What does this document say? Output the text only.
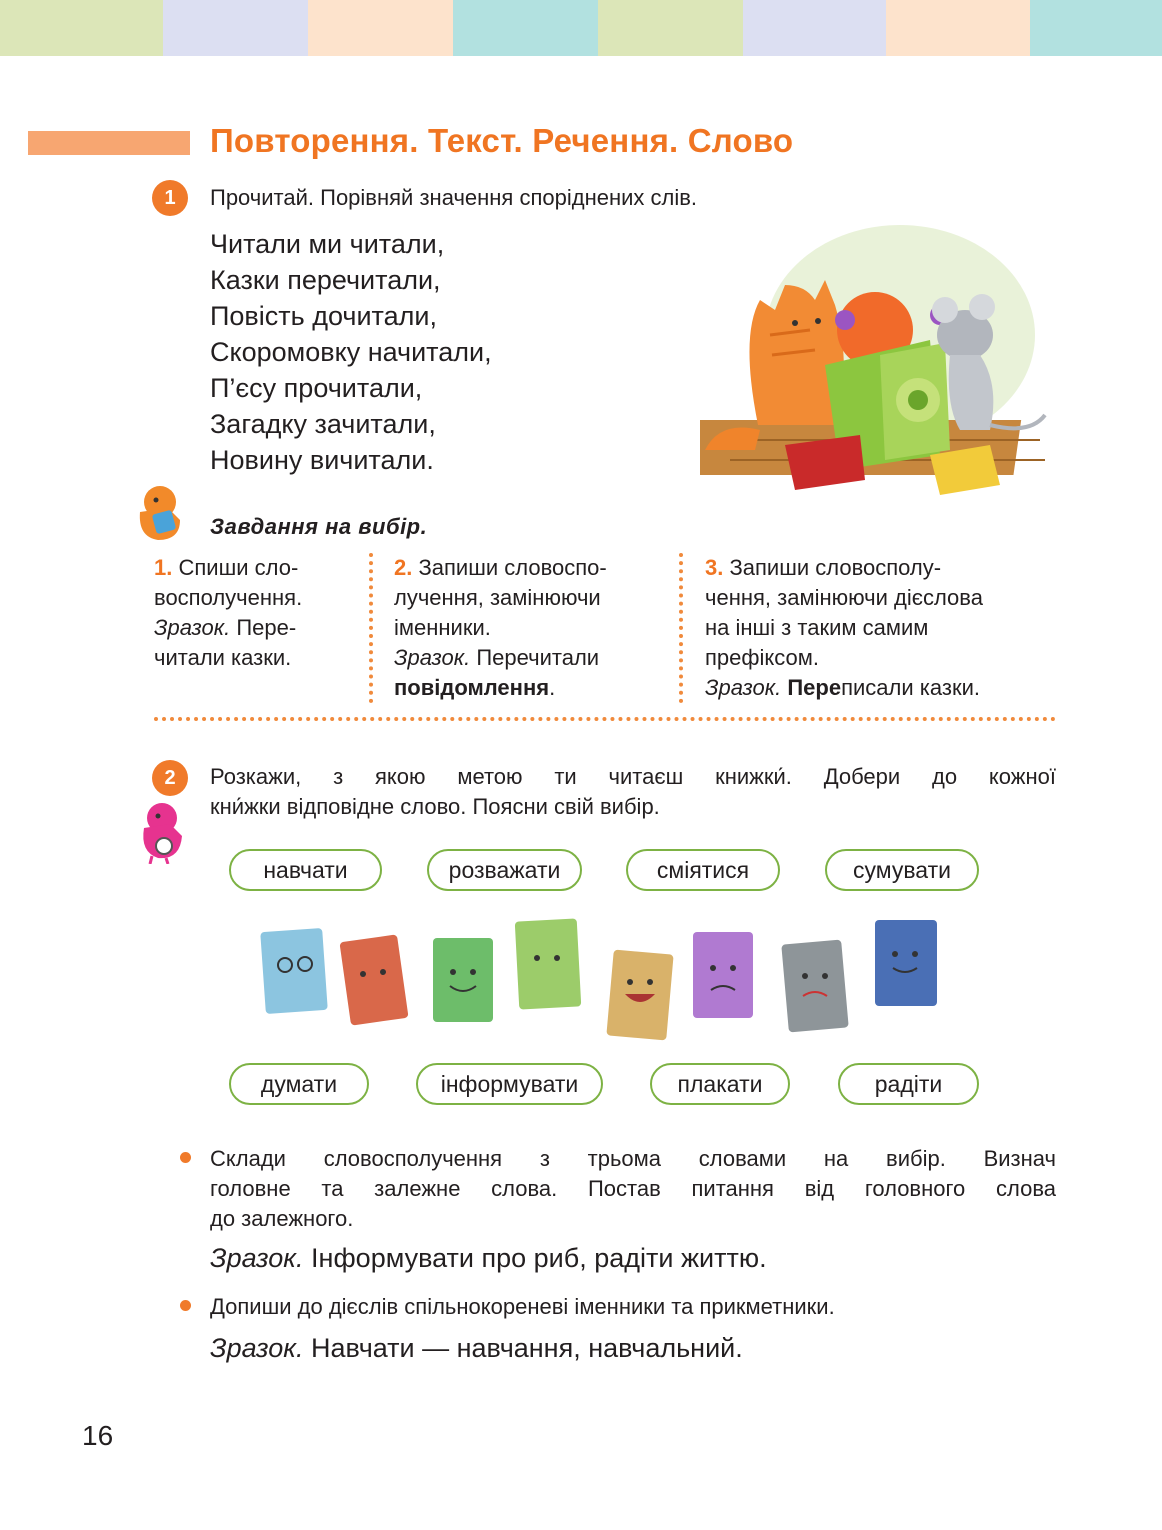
Повторення. Текст. Речення. Слово
1	Прочитай. Порівняй значення споріднених слів.
Читали ми читали,
Казки перечитали,
Повість дочитали,
Скоромовку начитали,
П’єсу прочитали,
Загадку зачитали,
Новину вичитали.
Завдання на вибір.
1. Спиши сло-
восполучення.
Зразок. Пере-
читали казки.
2. Запиши словоспо-
лучення, замінюючи
іменники.
Зразок. Перечитали
повідомлення.
3. Запиши словосполу-
чення, замінюючи дієслова
на інші з таким самим
префіксом.
Зразок. Переписали казки.
2	Розкажи, з якою метою ти читаєш книжки́. Добери до кожної
кни́жки відповідне слово. Поясни свій вибір.
навчати	розважати	сміятися	сумувати
думати	інформувати	плакати	радіти
Склади словосполучення з трьома словами на вибір. Визнач
головне та залежне слова. Постав питання від головного слова
до залежного.
Зразок. Інформувати про риб, радіти життю.
Допиши до дієслів спільнокореневі іменники та прикметники.
Зразок. Навчати — навчання, навчальний.
16
